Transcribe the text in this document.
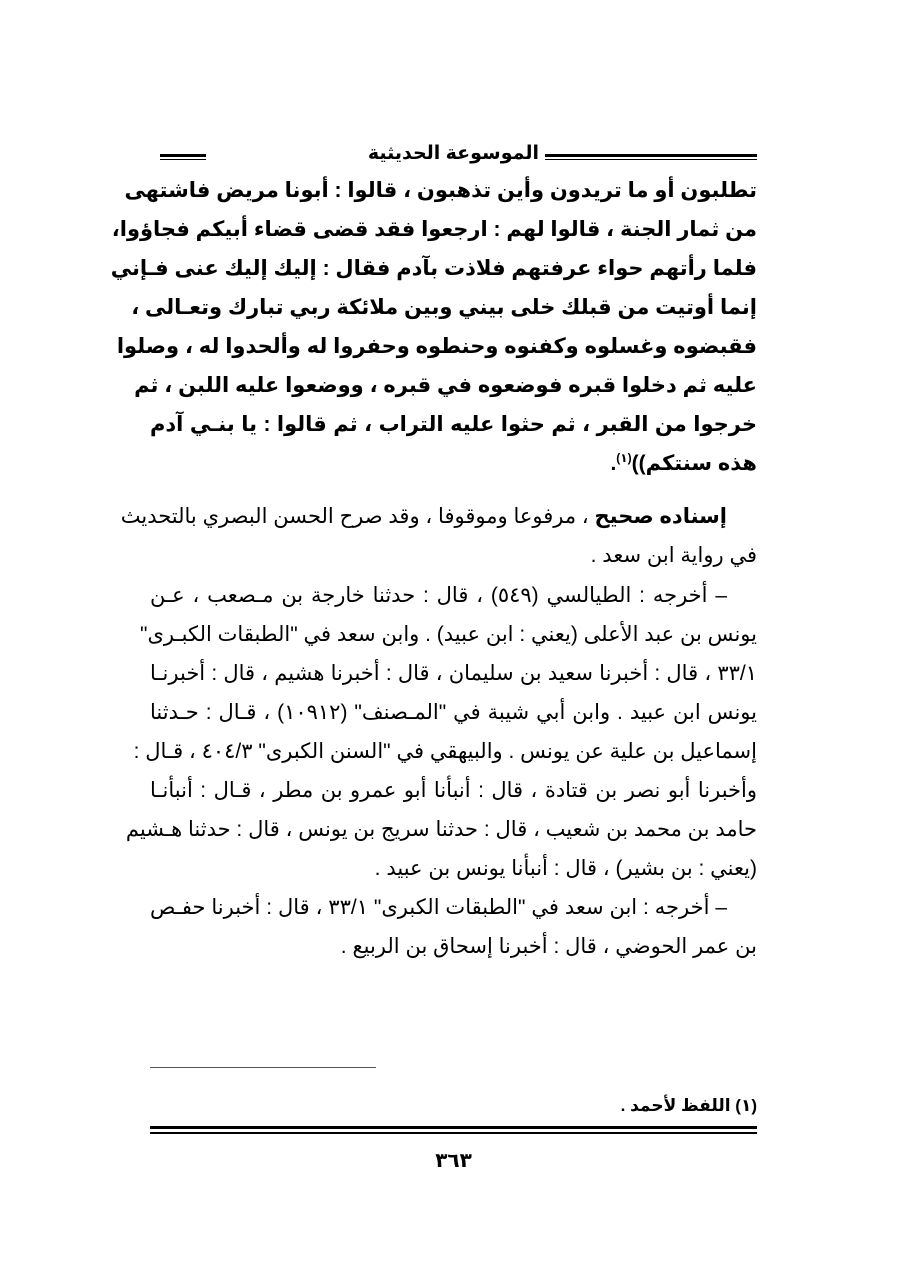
الموسوعة الحديثية
تطلبون أو ما تريدون وأين تذهبون ، قالوا : أبونا مريض فاشتهى
من ثمار الجنة ، قالوا لهم : ارجعوا فقد قضى قضاء أبيكم فجاؤوا،
فلما رأتهم حواء عرفتهم فلاذت بآدم فقال : إليك إليك عنى فـإني
إنما أوتيت من قبلك خلى بيني وبين ملائكة ربي تبارك وتعـالى ،
فقبضوه وغسلوه وكفنوه وحنطوه وحفروا له وألحدوا له ، وصلوا
عليه ثم دخلوا قبره فوضعوه في قبره ، ووضعوا عليه اللبن ، ثم
خرجوا من القبر ، ثم حثوا عليه التراب ، ثم قالوا : يا بنـي آدم
هذه سنتكم))$^{(١)}$.
إسناده صحيح ، مرفوعا وموقوفا ، وقد صرح الحسن البصري بالتحديث
في رواية ابن سعد .
– أخرجه : الطيالسي (٥٤٩) ، قال : حدثنا خارجة بن مـصعب ، عـن
يونس بن عبد الأعلى (يعني : ابن عبيد) . وابن سعد في "الطبقات الكبـرى"
٣٣/١ ، قال : أخبرنا سعيد بن سليمان ، قال : أخبرنا هشيم ، قال : أخبرنـا
يونس ابن عبيد . وابن أبي شيبة في "المـصنف" (١٠٩١٢) ، قـال : حـدثنا
إسماعيل بن علية عن يونس . والبيهقي في "السنن الكبرى" ٤٠٤/٣ ، قـال :
وأخبرنا أبو نصر بن قتادة ، قال : أنبأنا أبو عمرو بن مطر ، قـال : أنبأنـا
حامد بن محمد بن شعيب ، قال : حدثنا سريج بن يونس ، قال : حدثنا هـشيم
(يعني : بن بشير) ، قال : أنبأنا يونس بن عبيد .
– أخرجه : ابن سعد في "الطبقات الكبرى" ٣٣/١ ، قال : أخبرنا حفـص
بن عمر الحوضي ، قال : أخبرنا إسحاق بن الربيع .
(١) اللفظ لأحمد .
٣٦٣
